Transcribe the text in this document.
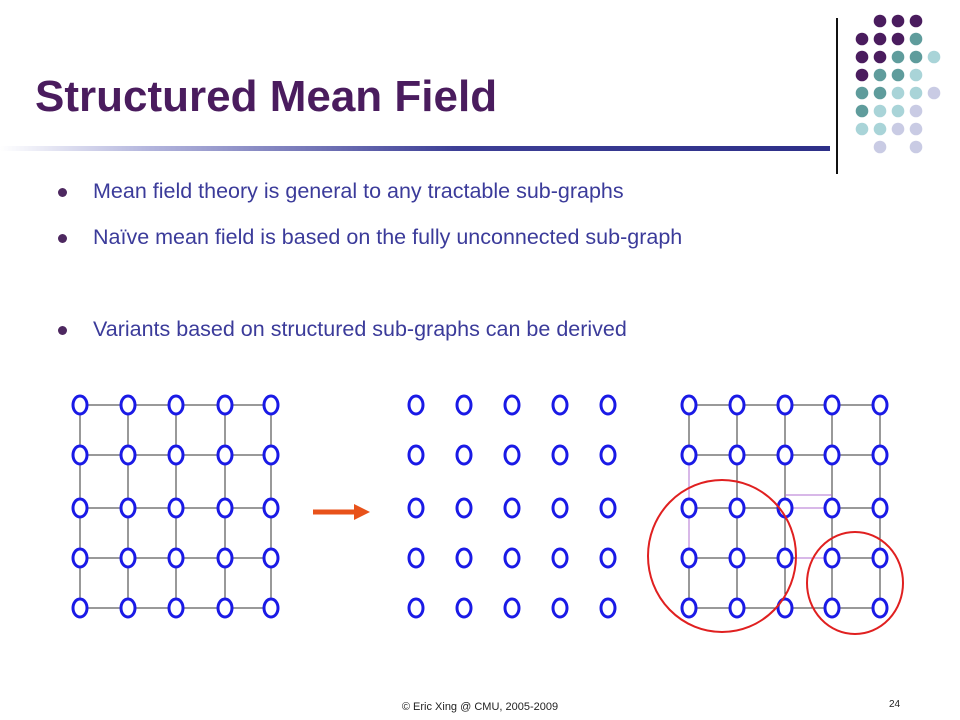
Structured Mean Field
Mean field theory is general to any tractable sub-graphs
Naïve mean field is based on the fully unconnected sub-graph
Variants based on structured sub-graphs can be derived
© Eric Xing @ CMU, 2005-2009	24
